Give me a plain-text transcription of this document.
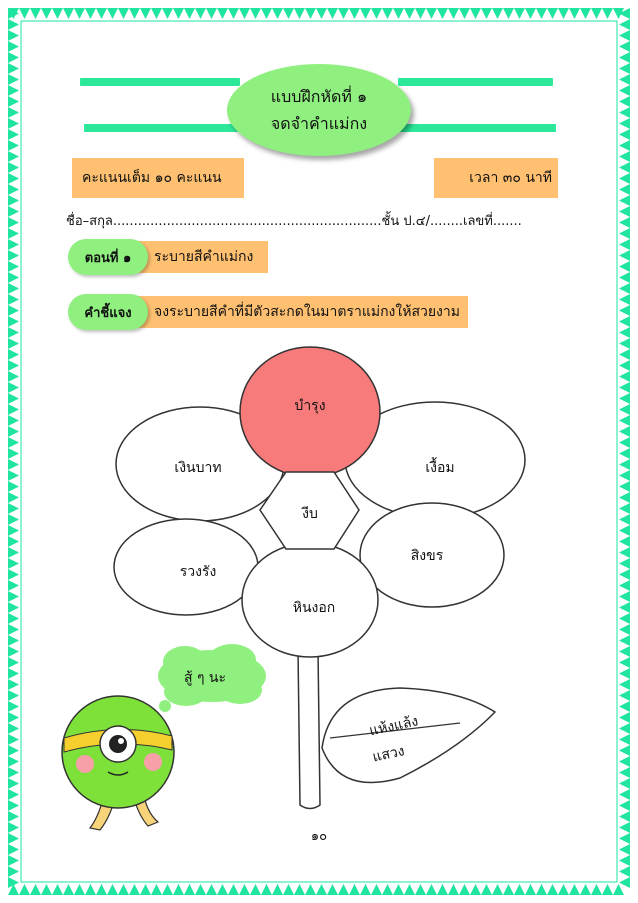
แบบฝึกหัดที่ ๑
จดจำคำแม่กง
คะแนนเต็ม ๑๐ คะแนน	เวลา ๓๐ นาที
ชื่อ–สกุล.................................................................ชั้น ป.๔/........เลขที่.......
ระบายสีคำแม่กง
ตอนที่ ๑
จงระบายสีคำที่มีตัวสะกดในมาตราแม่กงให้สวยงาม
คำชี้แจง
แห้งแล้ง
แสวง
บำรุง
เงินบาท	เงื้อม
งีบ
รวงรัง
สิงขร
หินงอก
สู้ ๆ นะ
๑๐
